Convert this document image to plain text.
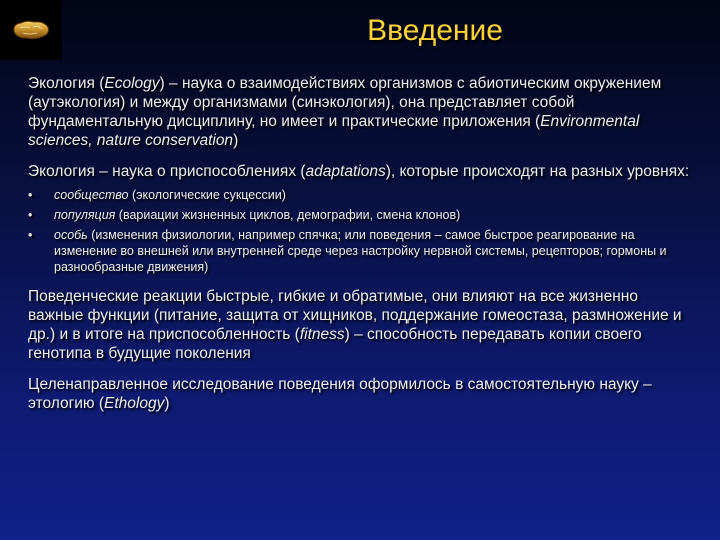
Введение

Экология (Ecology) – наука о взаимодействиях организмов с абиотическим окружением (аутэкология) и между организмами (синэкология), она представляет собой фундаментальную дисциплину, но имеет и практические приложения (Environmental sciences, nature conservation)

Экология – наука о приспособлениях (adaptations), которые происходят на разных уровнях:

• сообщество (экологические сукцессии)
• популяция (вариации жизненных циклов, демографии, смена клонов)
• особь (изменения физиологии, например спячка; или поведения – самое быстрое реагирование на изменение во внешней или внутренней среде через настройку нервной системы, рецепторов; гормоны и разнообразные движения)

Поведенческие реакции быстрые, гибкие и обратимые, они влияют на все жизненно важные функции (питание, защита от хищников, поддержание гомеостаза, размножение и др.) и в итоге на приспособленность (fitness) – способность передавать копии своего генотипа в будущие поколения

Целенаправленное исследование поведения оформилось в самостоятельную науку – этологию (Ethology)
